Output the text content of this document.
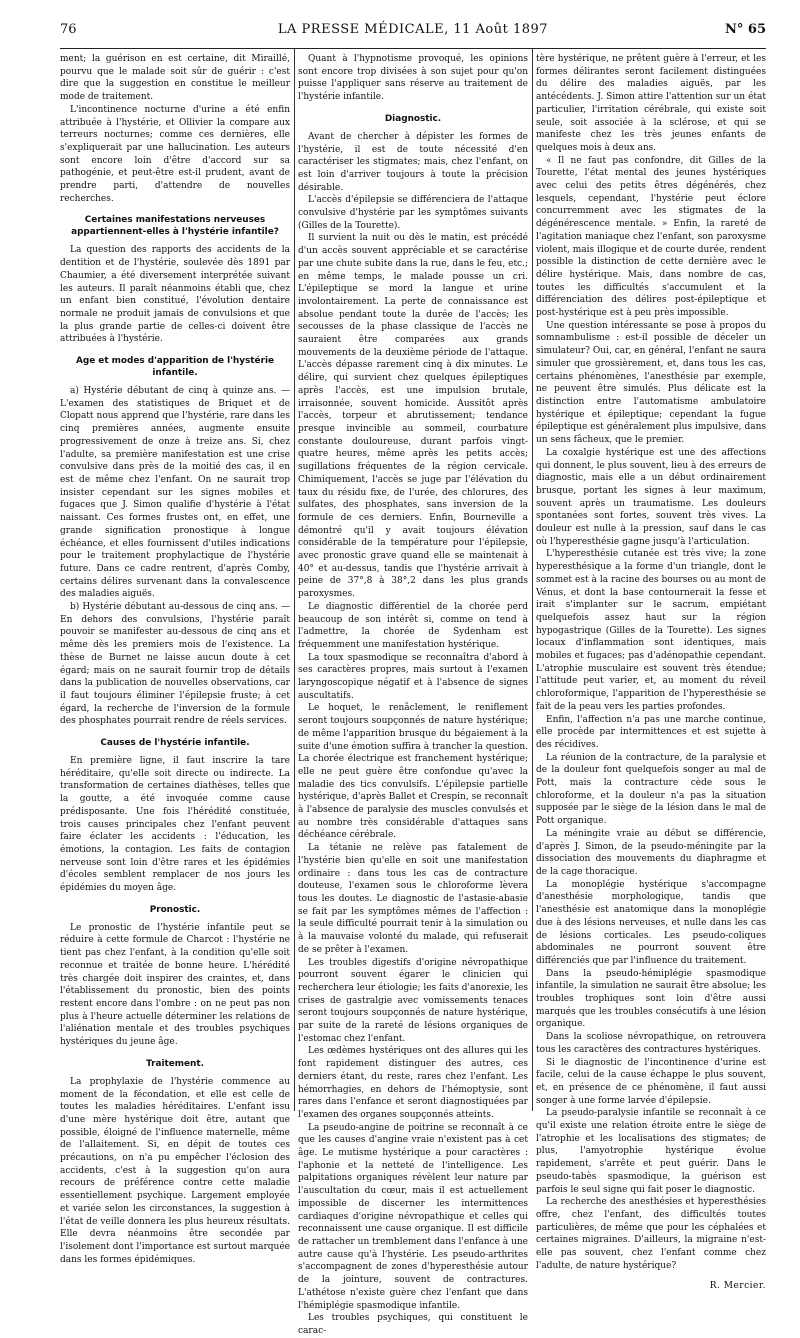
76	LA PRESSE MÉDICALE, 11 Août 1897	N° 65

ment; la guérison en est certaine, dit Miraillé, pourvu que le malade soit sûr de guérir : c'est dire que la suggestion en constitue le meilleur mode de traitement.

L'incontinence nocturne d'urine a été enfin attribuée à l'hystérie, et Ollivier la compare aux terreurs nocturnes; comme ces dernières, elle s'expliquerait par une hallucination. Les auteurs sont encore loin d'être d'accord sur sa pathogénie, et peut-être est-il prudent, avant de prendre parti, d'attendre de nouvelles recherches.

Certaines manifestations nerveuses appartiennent-elles à l'hystérie infantile?

La question des rapports des accidents de la dentition et de l'hystérie, soulevée dès 1891 par Chaumier, a été diversement interprétée suivant les auteurs. Il paraît néanmoins établi que, chez un enfant bien constitué, l'évolution dentaire normale ne produit jamais de convulsions et que la plus grande partie de celles-ci doivent être attribuées à l'hystérie.

Age et modes d'apparition de l'hystérie infantile.

a) Hystérie débutant de cinq à quinze ans. — L'examen des statistiques de Briquet et de Clopatt nous apprend que l'hystérie, rare dans les cinq premières années, augmente ensuite progressivement de onze à treize ans. Si, chez l'adulte, sa première manifestation est une crise convulsive dans près de la moitié des cas, il en est de même chez l'enfant. On ne saurait trop insister cependant sur les signes mobiles et fugaces que J. Simon qualifie d'hystérie à l'état naissant. Ces formes frustes ont, en effet, une grande signification pronostique à longue échéance, et elles fournissent d'utiles indications pour le traitement prophylactique de l'hystérie future. Dans ce cadre rentrent, d'après Comby, certains délires survenant dans la convalescence des maladies aiguës.

b) Hystérie débutant au-dessous de cinq ans. — En dehors des convulsions, l'hystérie paraît pouvoir se manifester au-dessous de cinq ans et même dès les premiers mois de l'existence. La thèse de Burnet ne laisse aucun doute à cet égard; mais on ne saurait fournir trop de détails dans la publication de nouvelles observations, car il faut toujours éliminer l'épilepsie fruste; à cet égard, la recherche de l'inversion de la formule des phosphates pourrait rendre de réels services.

Causes de l'hystérie infantile.

En première ligne, il faut inscrire la tare héréditaire, qu'elle soit directe ou indirecte. La transformation de certaines diathèses, telles que la goutte, a été invoquée comme cause prédisposante. Une fois l'hérédité constituée, trois causes principales chez l'enfant peuvent faire éclater les accidents : l'éducation, les émotions, la contagion. Les faits de contagion nerveuse sont loin d'être rares et les épidémies d'écoles semblent remplacer de nos jours les épidémies du moyen âge.

Pronostic.

Le pronostic de l'hystérie infantile peut se réduire à cette formule de Charcot : l'hystérie ne tient pas chez l'enfant, à la condition qu'elle soit reconnue et traitée de bonne heure. L'hérédité très chargée doit inspirer des craintes, et, dans l'établissement du pronostic, bien des points restent encore dans l'ombre : on ne peut pas non plus à l'heure actuelle déterminer les relations de l'aliénation mentale et des troubles psychiques hystériques du jeune âge.

Traitement.

La prophylaxie de l'hystérie commence au moment de la fécondation, et elle est celle de toutes les maladies héréditaires. L'enfant issu d'une mère hystérique doit être, autant que possible, éloigné de l'influence maternelle, même de l'allaitement. Si, en dépit de toutes ces précautions, on n'a pu empêcher l'éclosion des accidents, c'est à la suggestion qu'on aura recours de préférence contre cette maladie essentiellement psychique. Largement employée et variée selon les circonstances, la suggestion à l'état de veille donnera les plus heureux résultats. Elle devra néanmoins être secondée par l'isolement dont l'importance est surtout marquée dans les formes épidémiques.

Quant à l'hypnotisme provoqué, les opinions sont encore trop divisées à son sujet pour qu'on puisse l'appliquer sans réserve au traitement de l'hystérie infantile.

Diagnostic.

Avant de chercher à dépister les formes de l'hystérie, il est de toute nécessité d'en caractériser les stigmates; mais, chez l'enfant, on est loin d'arriver toujours à toute la précision désirable.

L'accès d'épilepsie se différenciera de l'attaque convulsive d'hystérie par les symptômes suivants (Gilles de la Tourette).

Il survient la nuit ou dès le matin, est précédé d'un accès souvent appréciable et se caractérise par une chute subite dans la rue, dans le feu, etc.; en même temps, le malade pousse un cri. L'épileptique se mord la langue et urine involontairement. La perte de connaissance est absolue pendant toute la durée de l'accès; les secousses de la phase classique de l'accès ne sauraient être comparées aux grands mouvements de la deuxième période de l'attaque. L'accès dépasse rarement cinq à dix minutes. Le délire, qui survient chez quelques épileptiques après l'accès, est une impulsion brutale, irraisonnée, souvent homicide. Aussitôt après l'accès, torpeur et abrutissement; tendance presque invincible au sommeil, courbature constante douloureuse, durant parfois vingt-quatre heures, même après les petits accès; sugillations fréquentes de la région cervicale. Chimiquement, l'accès se juge par l'élévation du taux du résidu fixe, de l'urée, des chlorures, des sulfates, des phosphates, sans inversion de la formule de ces derniers. Enfin, Bourneville a démontré qu'il y avait toujours élévation considérable de la température pour l'épilepsie, avec pronostic grave quand elle se maintenait à 40° et au-dessus, tandis que l'hystérie arrivait à peine de 37°,8 à 38°,2 dans les plus grands paroxysmes.

Le diagnostic différentiel de la chorée perd beaucoup de son intérêt si, comme on tend à l'admettre, la chorée de Sydenham est fréquemment une manifestation hystérique.

La toux spasmodique se reconnaîtra d'abord à ses caractères propres, mais surtout à l'examen laryngoscopique négatif et à l'absence de signes auscultatifs.

Le hoquet, le renâclement, le reniflement seront toujours soupçonnés de nature hystérique; de même l'apparition brusque du bégaiement à la suite d'une émotion suffira à trancher la question. La chorée électrique est franchement hystérique; elle ne peut guère être confondue qu'avec la maladie des tics convulsifs. L'épilepsie partielle hystérique, d'après Ballet et Crespin, se reconnaît à l'absence de paralysie des muscles convulsés et au nombre très considérable d'attaques sans déchéance cérébrale.

La tétanie ne relève pas fatalement de l'hystérie bien qu'elle en soit une manifestation ordinaire : dans tous les cas de contracture douteuse, l'examen sous le chloroforme lèvera tous les doutes. Le diagnostic de l'astasie-abasie se fait par les symptômes mêmes de l'affection : la seule difficulté pourrait tenir à la simulation ou à la mauvaise volonté du malade, qui refuserait de se prêter à l'examen.

Les troubles digestifs d'origine névropathique pourront souvent égarer le clinicien qui recherchera leur étiologie; les faits d'anorexie, les crises de gastralgie avec vomissements tenaces seront toujours soupçonnés de nature hystérique, par suite de la rareté de lésions organiques de l'estomac chez l'enfant.

Les œdèmes hystériques ont des allures qui les font rapidement distinguer des autres, ces derniers étant, du reste, rares chez l'enfant. Les hémorrhagies, en dehors de l'hémoptysie, sont rares dans l'enfance et seront diagnostiquées par l'examen des organes soupçonnés atteints.

La pseudo-angine de poitrine se reconnaît à ce que les causes d'angine vraie n'existent pas à cet âge. Le mutisme hystérique a pour caractères : l'aphonie et la netteté de l'intelligence. Les palpitations organiques révèlent leur nature par l'auscultation du cœur, mais il est actuellement impossible de discerner les intermittences cardiaques d'origine névropathique et celles qui reconnaissent une cause organique. Il est difficile de rattacher un tremblement dans l'enfance à une autre cause qu'à l'hystérie. Les pseudo-arthrites s'accompagnent de zones d'hyperesthésie autour de la jointure, souvent de contractures. L'athétose n'existe guère chez l'enfant que dans l'hémiplégie spasmodique infantile.

Les troubles psychiques, qui constituent le carac-

tère hystérique, ne prêtent guère à l'erreur, et les formes délirantes seront facilement distinguées du délire des maladies aiguës, par les antécédents. J. Simon attire l'attention sur un état particulier, l'irritation cérébrale, qui existe soit seule, soit associée à la sclérose, et qui se manifeste chez les très jeunes enfants de quelques mois à deux ans.

« Il ne faut pas confondre, dit Gilles de la Tourette, l'état mental des jeunes hystériques avec celui des petits êtres dégénérés, chez lesquels, cependant, l'hystérie peut éclore concurremment avec les stigmates de la dégénérescence mentale. » Enfin, la rareté de l'agitation maniaque chez l'enfant, son paroxysme violent, mais illogique et de courte durée, rendent possible la distinction de cette dernière avec le délire hystérique. Mais, dans nombre de cas, toutes les difficultés s'accumulent et la différenciation des délires post-épileptique et post-hystérique est à peu près impossible.

Une question intéressante se pose à propos du somnambulisme : est-il possible de déceler un simulateur? Oui, car, en général, l'enfant ne saura simuler que grossièrement, et, dans tous les cas, certains phénomènes, l'anesthésie par exemple, ne peuvent être simulés. Plus délicate est la distinction entre l'automatisme ambulatoire hystérique et épileptique; cependant la fugue épileptique est généralement plus impulsive, dans un sens fâcheux, que le premier.

La coxalgie hystérique est une des affections qui donnent, le plus souvent, lieu à des erreurs de diagnostic, mais elle a un début ordinairement brusque, portant les signes à leur maximum, souvent après un traumatisme. Les douleurs spontanées sont fortes, souvent très vives. La douleur est nulle à la pression, sauf dans le cas où l'hyperesthésie gagne jusqu'à l'articulation.

L'hyperesthésie cutanée est très vive; la zone hyperesthésique a la forme d'un triangle, dont le sommet est à la racine des bourses ou au mont de Vénus, et dont la base contournerait la fesse et irait s'implanter sur le sacrum, empiétant quelquefois assez haut sur la région hypogastrique (Gilles de la Tourette). Les signes locaux d'inflammation sont identiques, mais mobiles et fugaces; pas d'adénopathie cependant. L'atrophie musculaire est souvent très étendue; l'attitude peut varier, et, au moment du réveil chloroformique, l'apparition de l'hyperesthésie se fait de la peau vers les parties profondes.

Enfin, l'affection n'a pas une marche continue, elle procède par intermittences et est sujette à des récidives.

La réunion de la contracture, de la paralysie et de la douleur font quelquefois songer au mal de Pott, mais la contracture cède sous le chloroforme, et la douleur n'a pas la situation supposée par le siège de la lésion dans le mal de Pott organique.

La méningite vraie au début se différencie, d'après J. Simon, de la pseudo-méningite par la dissociation des mouvements du diaphragme et de la cage thoracique.

La monoplégie hystérique s'accompagne d'anesthésie morphologique, tandis que l'anesthésie est anatomique dans la monoplégie due à des lésions nerveuses, et nulle dans les cas de lésions corticales. Les pseudo-coliques abdominales ne pourront souvent être différenciés que par l'influence du traitement.

Dans la pseudo-hémiplégie spasmodique infantile, la simulation ne saurait être absolue; les troubles trophiques sont loin d'être aussi marqués que les troubles consécutifs à une lésion organique.

Dans la scoliose névropathique, on retrouvera tous les caractères des contractures hystériques.

Si le diagnostic de l'incontinence d'urine est facile, celui de la cause échappe le plus souvent, et, en présence de ce phénomène, il faut aussi songer à une forme larvée d'épilepsie.

La pseudo-paralysie infantile se reconnaît à ce qu'il existe une relation étroite entre le siège de l'atrophie et les localisations des stigmates; de plus, l'amyotrophie hystérique évolue rapidement, s'arrête et peut guérir. Dans le pseudo-tabès spasmodique, la guérison est parfois le seul signe qui fait poser le diagnostic.

La recherche des anesthésies et hyperesthésies offre, chez l'enfant, des difficultés toutes particulières, de même que pour les céphalées et certaines migraines. D'ailleurs, la migraine n'est-elle pas souvent, chez l'enfant comme chez l'adulte, de nature hystérique?

R. Mercier.
